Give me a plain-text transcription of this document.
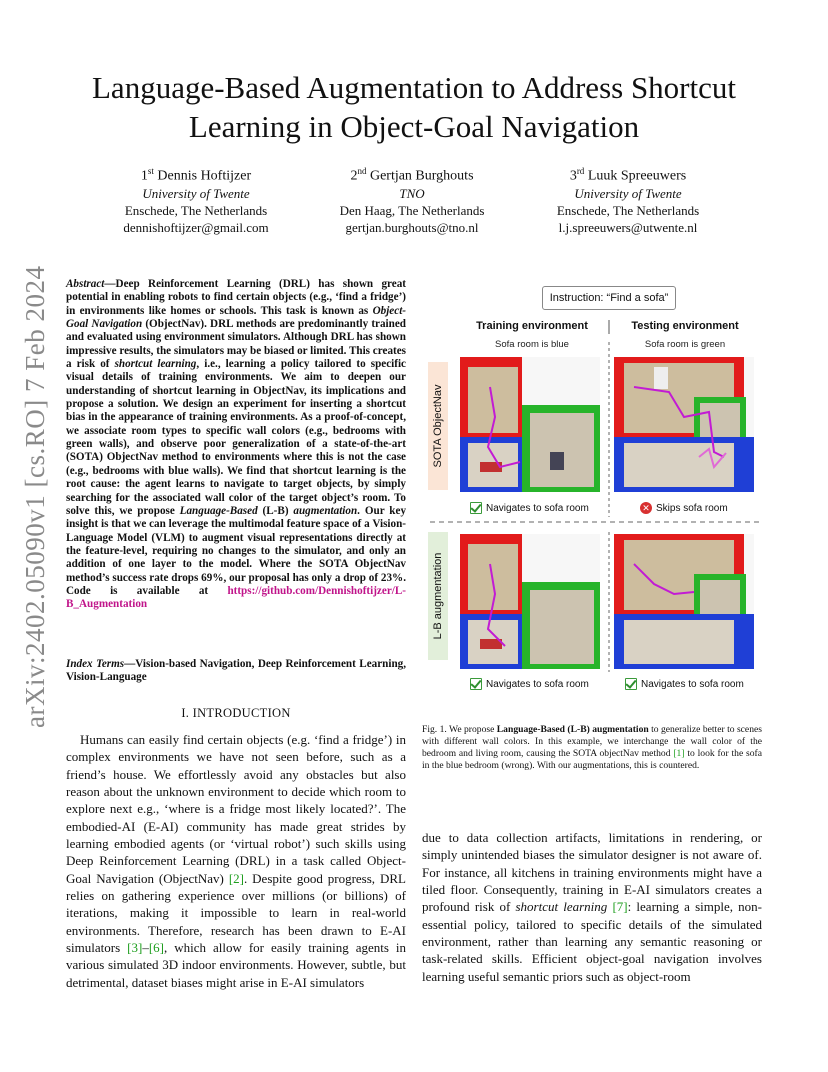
arXiv:2402.05090v1 [cs.RO] 7 Feb 2024
Language-Based Augmentation to Address Shortcut Learning in Object-Goal Navigation
1st Dennis Hoftijzer
University of Twente
Enschede, The Netherlands
dennishoftijzer@gmail.com
2nd Gertjan Burghouts
TNO
Den Haag, The Netherlands
gertjan.burghouts@tno.nl
3rd Luuk Spreeuwers
University of Twente
Enschede, The Netherlands
l.j.spreeuwers@utwente.nl
Abstract—Deep Reinforcement Learning (DRL) has shown great potential in enabling robots to find certain objects (e.g., ‘find a fridge’) in environments like homes or schools. This task is known as Object-Goal Navigation (ObjectNav). DRL methods are predominantly trained and evaluated using environment simulators. Although DRL has shown impressive results, the simulators may be biased or limited. This creates a risk of shortcut learning, i.e., learning a policy tailored to specific visual details of training environments. We aim to deepen our understanding of shortcut learning in ObjectNav, its implications and propose a solution. We design an experiment for inserting a shortcut bias in the appearance of training environments. As a proof-of-concept, we associate room types to specific wall colors (e.g., bedrooms with green walls), and observe poor generalization of a state-of-the-art (SOTA) ObjectNav method to environments where this is not the case (e.g., bedrooms with blue walls). We find that shortcut learning is the root cause: the agent learns to navigate to target objects, by simply searching for the associated wall color of the target object’s room. To solve this, we propose Language-Based (L-B) augmentation. Our key insight is that we can leverage the multimodal feature space of a Vision-Language Model (VLM) to augment visual representations directly at the feature-level, requiring no changes to the simulator, and only an addition of one layer to the model. Where the SOTA ObjectNav method’s success rate drops 69%, our proposal has only a drop of 23%. Code is available at https://github.com/Dennishoftijzer/L-B_Augmentation
Index Terms—Vision-based Navigation, Deep Reinforcement Learning, Vision-Language
I. INTRODUCTION
Humans can easily find certain objects (e.g. ‘find a fridge’) in complex environments we have not seen before, such as a friend’s house. We effortlessly avoid any obstacles but also reason about the unknown environment to decide which room to explore next e.g., ‘where is a fridge most likely located?’. The embodied-AI (E-AI) community has made great strides by learning embodied agents (or ‘virtual robot’) such skills using Deep Reinforcement Learning (DRL) in a task called Object-Goal Navigation (ObjectNav) [2]. Despite good progress, DRL relies on gathering experience over millions (or billions) of iterations, making it impossible to learn in real-world environments. Therefore, research has been drawn to E-AI simulators [3]–[6], which allow for easily training agents in various simulated 3D indoor environments. However, subtle, but detrimental, dataset biases might arise in E-AI simulators
due to data collection artifacts, limitations in rendering, or simply unintended biases the simulator designer is not aware of. For instance, all kitchens in training environments might have a tiled floor. Consequently, training in E-AI simulators creates a profound risk of shortcut learning [7]: learning a simple, non-essential policy, tailored to specific details of the simulated environment, rather than learning any semantic reasoning or task-related skills. Efficient object-goal navigation involves learning useful semantic priors such as object-room
Instruction: “Find a sofa”
Training environment	Testing environment
Sofa room is blue	Sofa room is green
SOTA ObjectNav
L-B augmentation
Navigates to sofa room	✕ Skips sofa room
Navigates to sofa room	Navigates to sofa room
Fig. 1. We propose Language-Based (L-B) augmentation to generalize better to scenes with different wall colors. In this example, we interchange the wall color of the bedroom and living room, causing the SOTA objectNav method [1] to look for the sofa in the blue bedroom (wrong). With our augmentations, this is countered.
